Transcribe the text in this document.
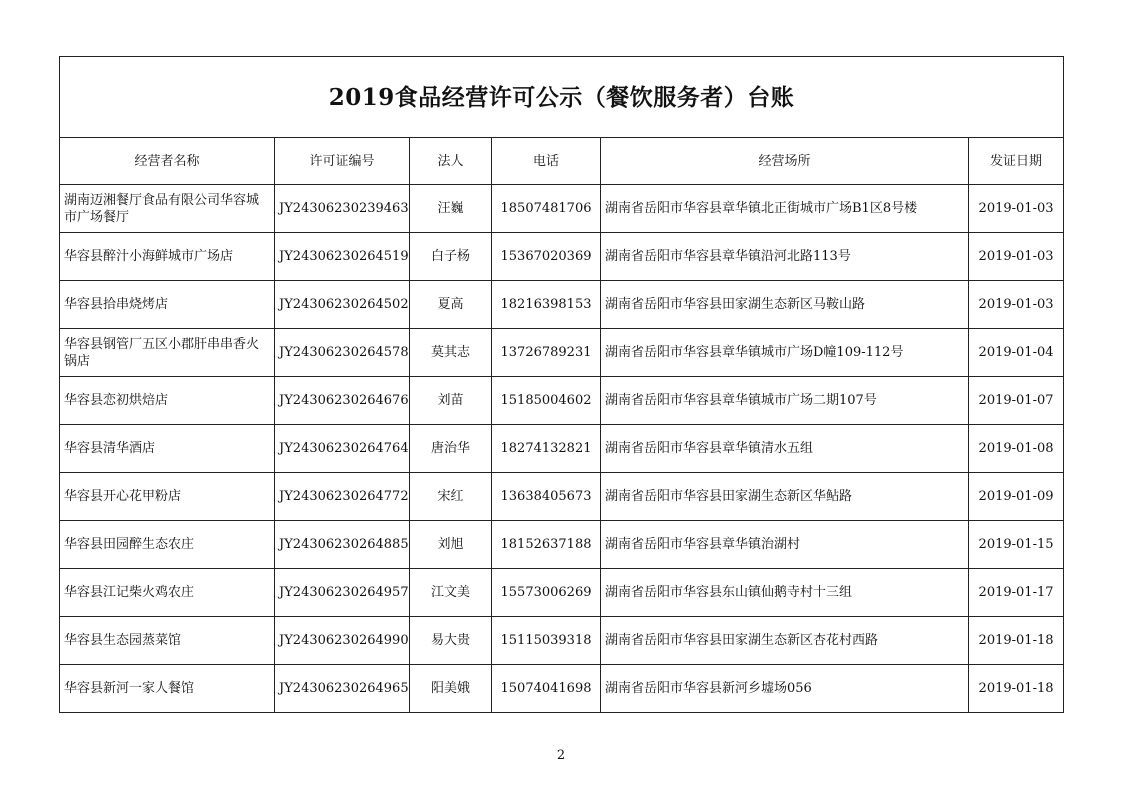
2019食品经营许可公示（餐饮服务者）台账					
经营者名称	许可证编号	法人	电话	经营场所	发证日期
湖南迈湘餐厅食品有限公司华容城市广场餐厅	JY24306230239463	汪巍	18507481706	湖南省岳阳市华容县章华镇北正街城市广场B1区8号楼	2019-01-03
华容县醉汁小海鲜城市广场店	JY24306230264519	白子杨	15367020369	湖南省岳阳市华容县章华镇沿河北路113号	2019-01-03
华容县拾串烧烤店	JY24306230264502	夏高	18216398153	湖南省岳阳市华容县田家湖生态新区马鞍山路	2019-01-03
华容县钢管厂五区小郡肝串串香火锅店	JY24306230264578	莫其志	13726789231	湖南省岳阳市华容县章华镇城市广场D幢109-112号	2019-01-04
华容县恋初烘焙店	JY24306230264676	刘苗	15185004602	湖南省岳阳市华容县章华镇城市广场二期107号	2019-01-07
华容县清华酒店	JY24306230264764	唐治华	18274132821	湖南省岳阳市华容县章华镇清水五组	2019-01-08
华容县开心花甲粉店	JY24306230264772	宋红	13638405673	湖南省岳阳市华容县田家湖生态新区华鲇路	2019-01-09
华容县田园醉生态农庄	JY24306230264885	刘旭	18152637188	湖南省岳阳市华容县章华镇治湖村	2019-01-15
华容县江记柴火鸡农庄	JY24306230264957	江文美	15573006269	湖南省岳阳市华容县东山镇仙鹅寺村十三组	2019-01-17
华容县生态园蒸菜馆	JY24306230264990	易大贵	15115039318	湖南省岳阳市华容县田家湖生态新区杏花村西路	2019-01-18
华容县新河一家人餐馆	JY24306230264965	阳美娥	15074041698	湖南省岳阳市华容县新河乡墟场056	2019-01-18
2
